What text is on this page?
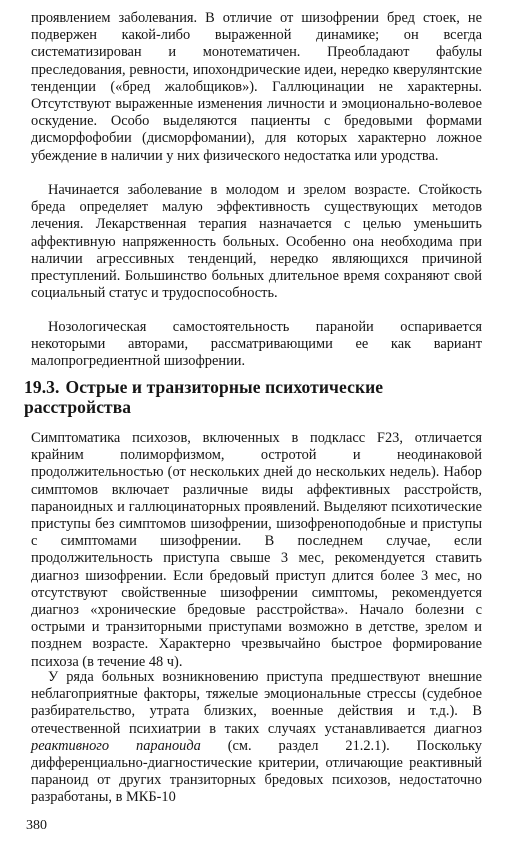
проявлением заболевания. В отличие от шизофрении бред стоек, не подвержен какой-либо выраженной динамике; он всегда систематизирован и монотематичен. Преобладают фабулы преследования, ревности, ипохондрические идеи, нередко кверулянтские тенденции («бред жалобщиков»). Галлюцинации не характерны. Отсутствуют выраженные изменения личности и эмоционально-волевое оскудение. Особо выделяются пациенты с бредовыми формами дисморфофобии (дисморфомании), для которых характерно ложное убеждение в наличии у них физического недостатка или уродства.

Начинается заболевание в молодом и зрелом возрасте. Стойкость бреда определяет малую эффективность существующих методов лечения. Лекарственная терапия назначается с целью уменьшить аффективную напряженность больных. Особенно она необходима при наличии агрессивных тенденций, нередко являющихся причиной преступлений. Большинство больных длительное время сохраняют свой социальный статус и трудоспособность.

Нозологическая самостоятельность паранойи оспаривается некоторыми авторами, рассматривающими ее как вариант малопрогредиентной шизофрении.

19.3. Острые и транзиторные психотические расстройства

Симптоматика психозов, включенных в подкласс F23, отличается крайним полиморфизмом, остротой и неодинаковой продолжительностью (от нескольких дней до нескольких недель). Набор симптомов включает различные виды аффективных расстройств, параноидных и галлюцинаторных проявлений. Выделяют психотические приступы без симптомов шизофрении, шизофреноподобные и приступы с симптомами шизофрении. В последнем случае, если продолжительность приступа свыше 3 мес, рекомендуется ставить диагноз шизофрении. Если бредовый приступ длится более 3 мес, но отсутствуют свойственные шизофрении симптомы, рекомендуется диагноз «хронические бредовые расстройства». Начало болезни с острыми и транзиторными приступами возможно в детстве, зрелом и позднем возрасте. Характерно чрезвычайно быстрое формирование психоза (в течение 48 ч).

У ряда больных возникновению приступа предшествуют внешние неблагоприятные факторы, тяжелые эмоциональные стрессы (судебное разбирательство, утрата близких, военные действия и т.д.). В отечественной психиатрии в таких случаях устанавливается диагноз реактивного параноида (см. раздел 21.2.1). Поскольку дифференциально-диагностические критерии, отличающие реактивный параноид от других транзиторных бредовых психозов, недостаточно разработаны, в МКБ-10

380
